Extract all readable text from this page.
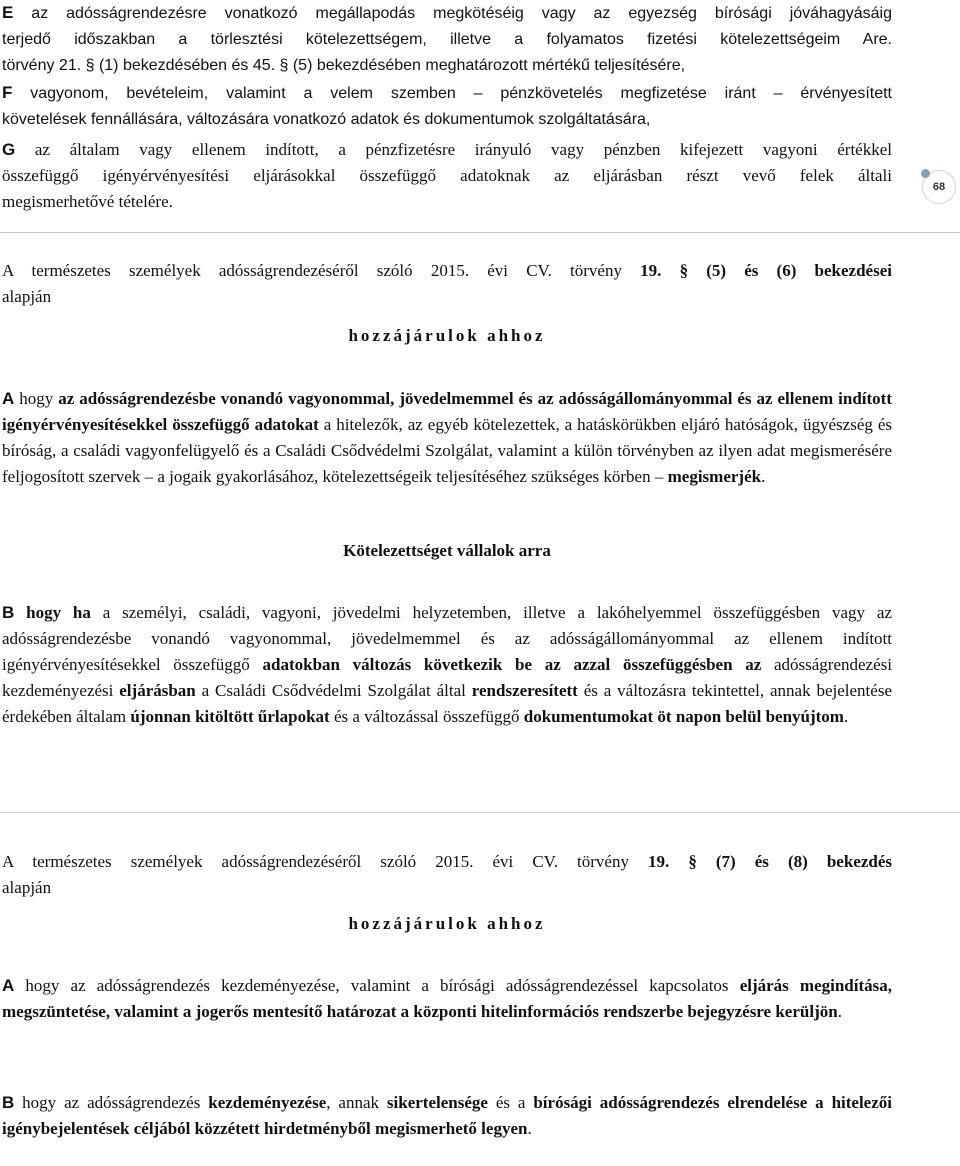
E az adósságrendezésre vonatkozó megállapodás megkötéséig vagy az egyezség bírósági jóváhagyásáig
terjedő időszakban a törlesztési kötelezettségem, illetve a folyamatos fizetési kötelezettségeim Are.
törvény 21. § (1) bekezdésében és 45. § (5) bekezdésében meghatározott mértékű teljesítésére,
F vagyonom, bevételeim, valamint a velem szemben – pénzkövetelés megfizetése iránt – érvényesített
követelések fennállására, változására vonatkozó adatok és dokumentumok szolgáltatására,
G az általam vagy ellenem indított, a pénzfizetésre irányuló vagy pénzben kifejezett vagyoni értékkel
összefüggő igényérvényesítési eljárásokkal összefüggő adatoknak az eljárásban részt vevő felek általi
megismerhetővé tételére.
68
A természetes személyek adósságrendezéséről szóló 2015. évi CV. törvény 19. § (5) és (6) bekezdései
alapján
hozzájárulok ahhoz
A hogy az adósságrendezésbe vonandó vagyonommal, jövedelmemmel és az adósságállományommal és az ellenem indított igényérvényesítésekkel összefüggő adatokat a hitelezők, az egyéb kötelezettek, a hatáskörükben eljáró hatóságok, ügyészség és bíróság, a családi vagyonfelügyelő és a Családi Csődvédelmi Szolgálat, valamint a külön törvényben az ilyen adat megismerésére feljogosított szervek – a jogaik gyakorlásához, kötelezettségeik teljesítéséhez szükséges körben – megismerjék.
Kötelezettséget vállalok arra
B hogy ha a személyi, családi, vagyoni, jövedelmi helyzetemben, illetve a lakóhelyemmel összefüggésben vagy az adósságrendezésbe vonandó vagyonommal, jövedelmemmel és az adósságállományommal az ellenem indított igényérvényesítésekkel összefüggő adatokban változás következik be az azzal összefüggésben az adósságrendezési kezdeményezési eljárásban a Családi Csődvédelmi Szolgálat által rendszeresített és a változásra tekintettel, annak bejelentése érdekében általam újonnan kitöltött űrlapokat és a változással összefüggő dokumentumokat öt napon belül benyújtom.
A természetes személyek adósságrendezéséről szóló 2015. évi CV. törvény 19. § (7) és (8) bekezdés
alapján
hozzájárulok ahhoz
A hogy az adósságrendezés kezdeményezése, valamint a bírósági adósságrendezéssel kapcsolatos eljárás megindítása, megszüntetése, valamint a jogerős mentesítő határozat a központi hitelinformációs rendszerbe bejegyzésre kerüljön.
B hogy az adósságrendezés kezdeményezése, annak sikertelensége és a bírósági adósságrendezés elrendelése a hitelezői igénybejelentések céljából közzétett hirdetményből megismerhető legyen.
